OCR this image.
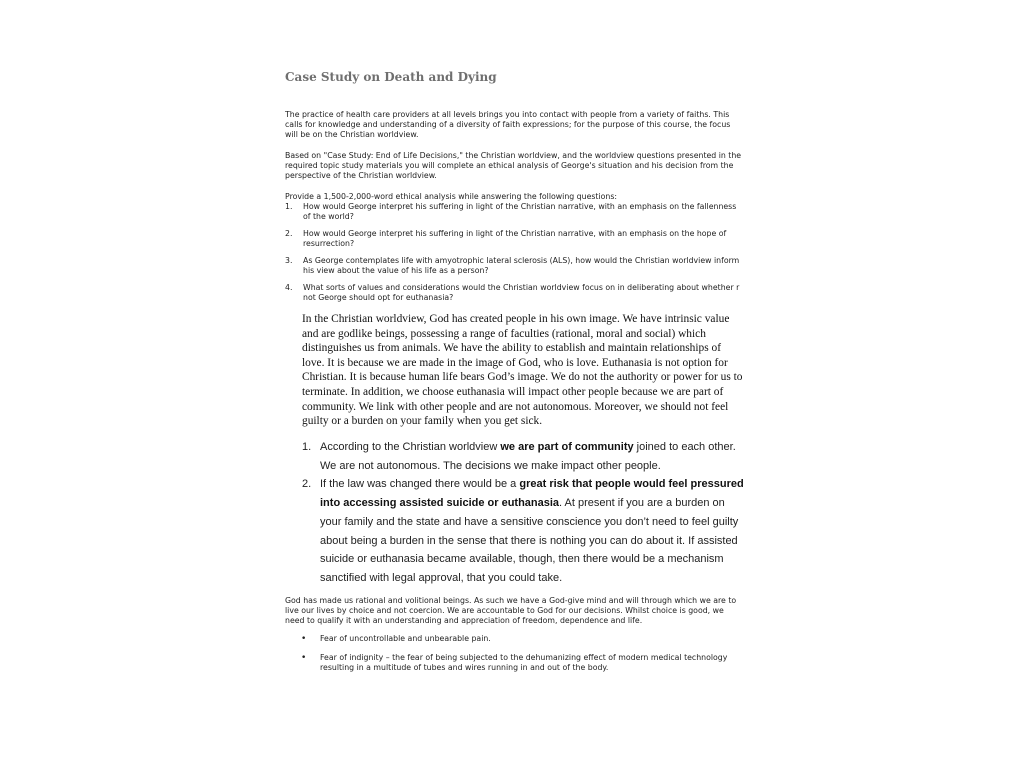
Case Study on Death and Dying

The practice of health care providers at all levels brings you into contact with people from a variety of faiths. This calls for knowledge and understanding of a diversity of faith expressions; for the purpose of this course, the focus will be on the Christian worldview.

Based on "Case Study: End of Life Decisions," the Christian worldview, and the worldview questions presented in the required topic study materials you will complete an ethical analysis of George's situation and his decision from the perspective of the Christian worldview.

Provide a 1,500-2,000-word ethical analysis while answering the following questions:

1. How would George interpret his suffering in light of the Christian narrative, with an emphasis on the fallenness of the world?
2. How would George interpret his suffering in light of the Christian narrative, with an emphasis on the hope of resurrection?
3. As George contemplates life with amyotrophic lateral sclerosis (ALS), how would the Christian worldview inform his view about the value of his life as a person?
4. What sorts of values and considerations would the Christian worldview focus on in deliberating about whether r not George should opt for euthanasia?

In the Christian worldview, God has created people in his own image. We have intrinsic value and are godlike beings, possessing a range of faculties (rational, moral and social) which distinguishes us from animals. We have the ability to establish and maintain relationships of love. It is because we are made in the image of God, who is love. Euthanasia is not option for Christian. It is because human life bears God’s image. We do not the authority or power for us to terminate. In addition, we choose euthanasia will impact other people because we are part of community. We link with other people and are not autonomous. Moreover, we should not feel guilty or a burden on your family when you get sick.

1. According to the Christian worldview we are part of community joined to each other. We are not autonomous. The decisions we make impact other people.
2. If the law was changed there would be a great risk that people would feel pressured into accessing assisted suicide or euthanasia. At present if you are a burden on your family and the state and have a sensitive conscience you don’t need to feel guilty about being a burden in the sense that there is nothing you can do about it. If assisted suicide or euthanasia became available, though, then there would be a mechanism sanctified with legal approval, that you could take.

God has made us rational and volitional beings. As such we have a God-give mind and will through which we are to live our lives by choice and not coercion. We are accountable to God for our decisions. Whilst choice is good, we need to qualify it with an understanding and appreciation of freedom, dependence and life.

• Fear of uncontrollable and unbearable pain.
• Fear of indignity – the fear of being subjected to the dehumanizing effect of modern medical technology resulting in a multitude of tubes and wires running in and out of the body.
